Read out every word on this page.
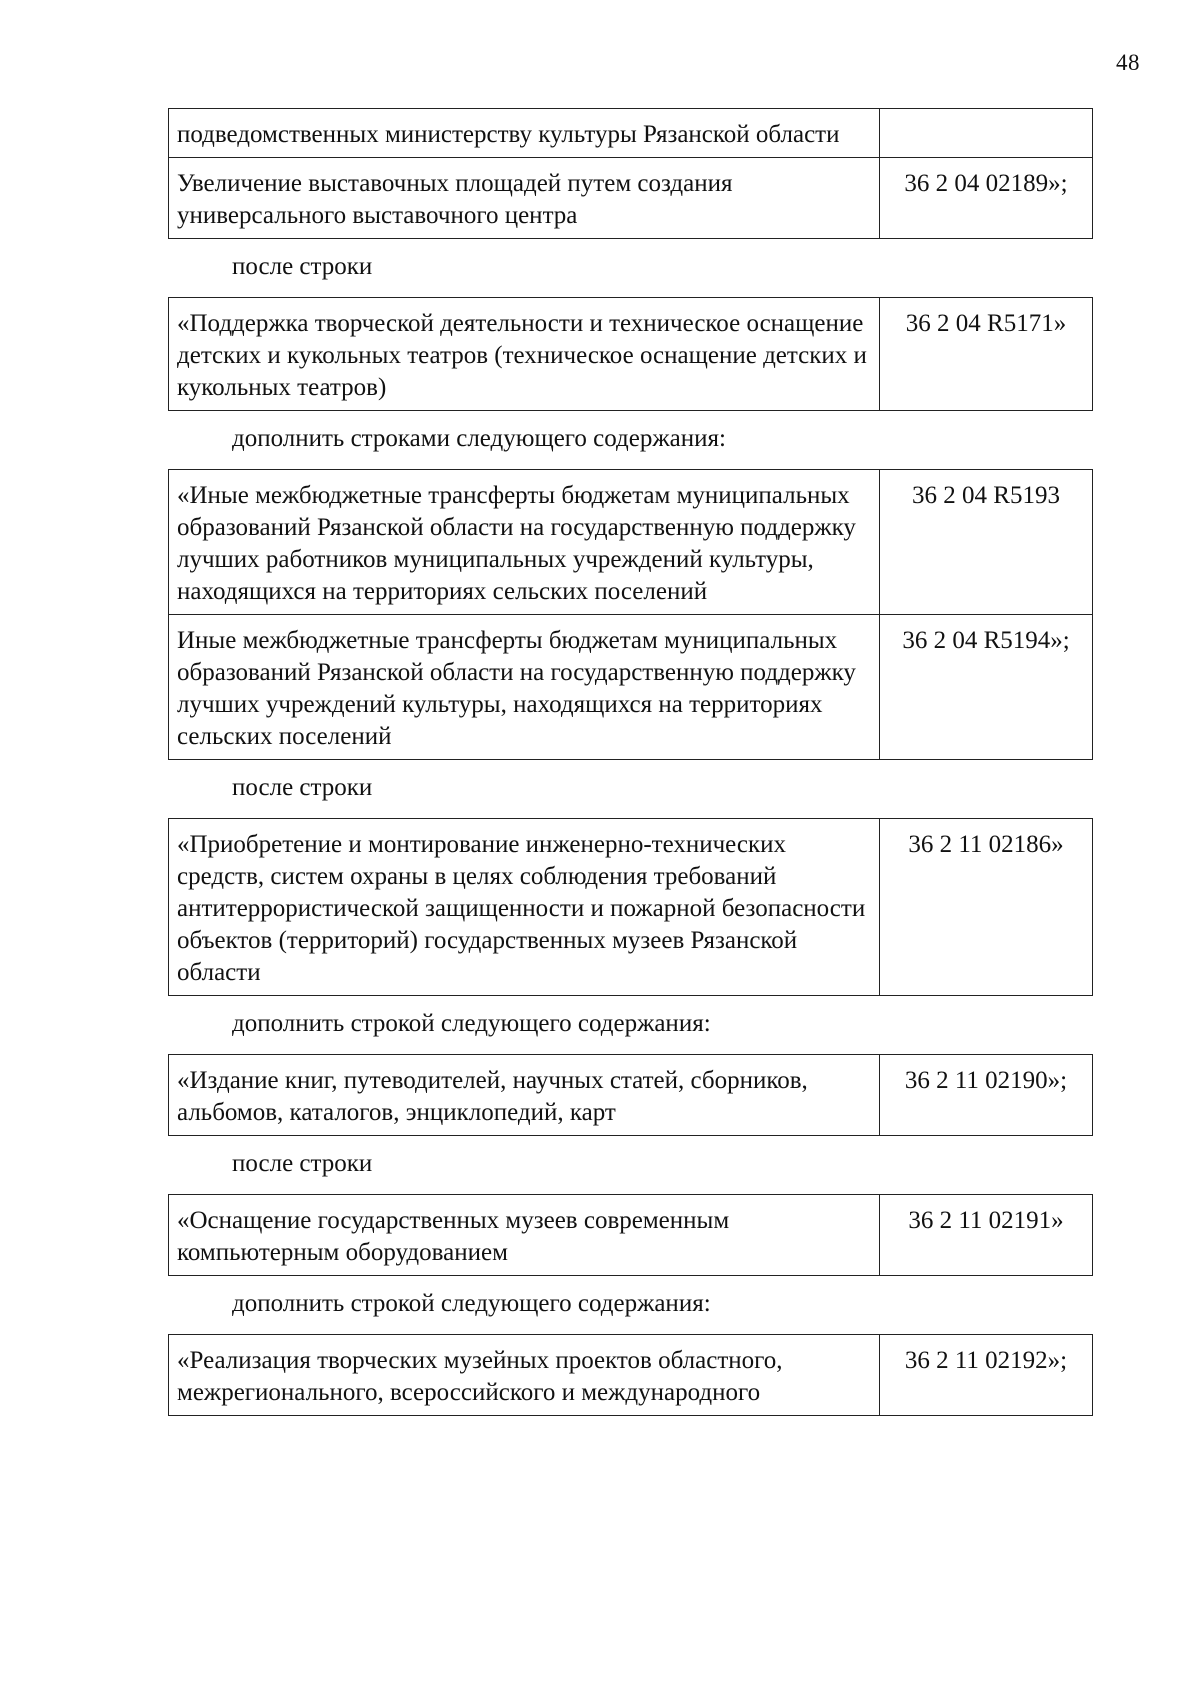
48
подведомственных министерству культуры Рязанской области	
Увеличение выставочных площадей путем создания универсального выставочного центра	36 2 04 02189»;
после строки
«Поддержка творческой деятельности и техническое оснащение детских и кукольных театров (техническое оснащение детских и кукольных театров)	36 2 04 R5171»
дополнить строками следующего содержания:
«Иные межбюджетные трансферты бюджетам муниципальных образований Рязанской области на государственную поддержку лучших работников муниципальных учреждений культуры, находящихся на территориях сельских поселений	36 2 04 R5193
Иные межбюджетные трансферты бюджетам муниципальных образований Рязанской области на государственную поддержку лучших учреждений культуры, находящихся на территориях сельских поселений	36 2 04 R5194»;
после строки
«Приобретение и монтирование инженерно-технических средств, систем охраны в целях соблюдения требований антитеррористической защищенности и пожарной безопасности объектов (территорий) государственных музеев Рязанской области	36 2 11 02186»
дополнить строкой следующего содержания:
«Издание книг, путеводителей, научных статей, сборников, альбомов, каталогов, энциклопедий, карт	36 2 11 02190»;
после строки
«Оснащение государственных музеев современным компьютерным оборудованием	36 2 11 02191»
дополнить строкой следующего содержания:
«Реализация творческих музейных проектов областного, межрегионального, всероссийского и международного	36 2 11 02192»;
